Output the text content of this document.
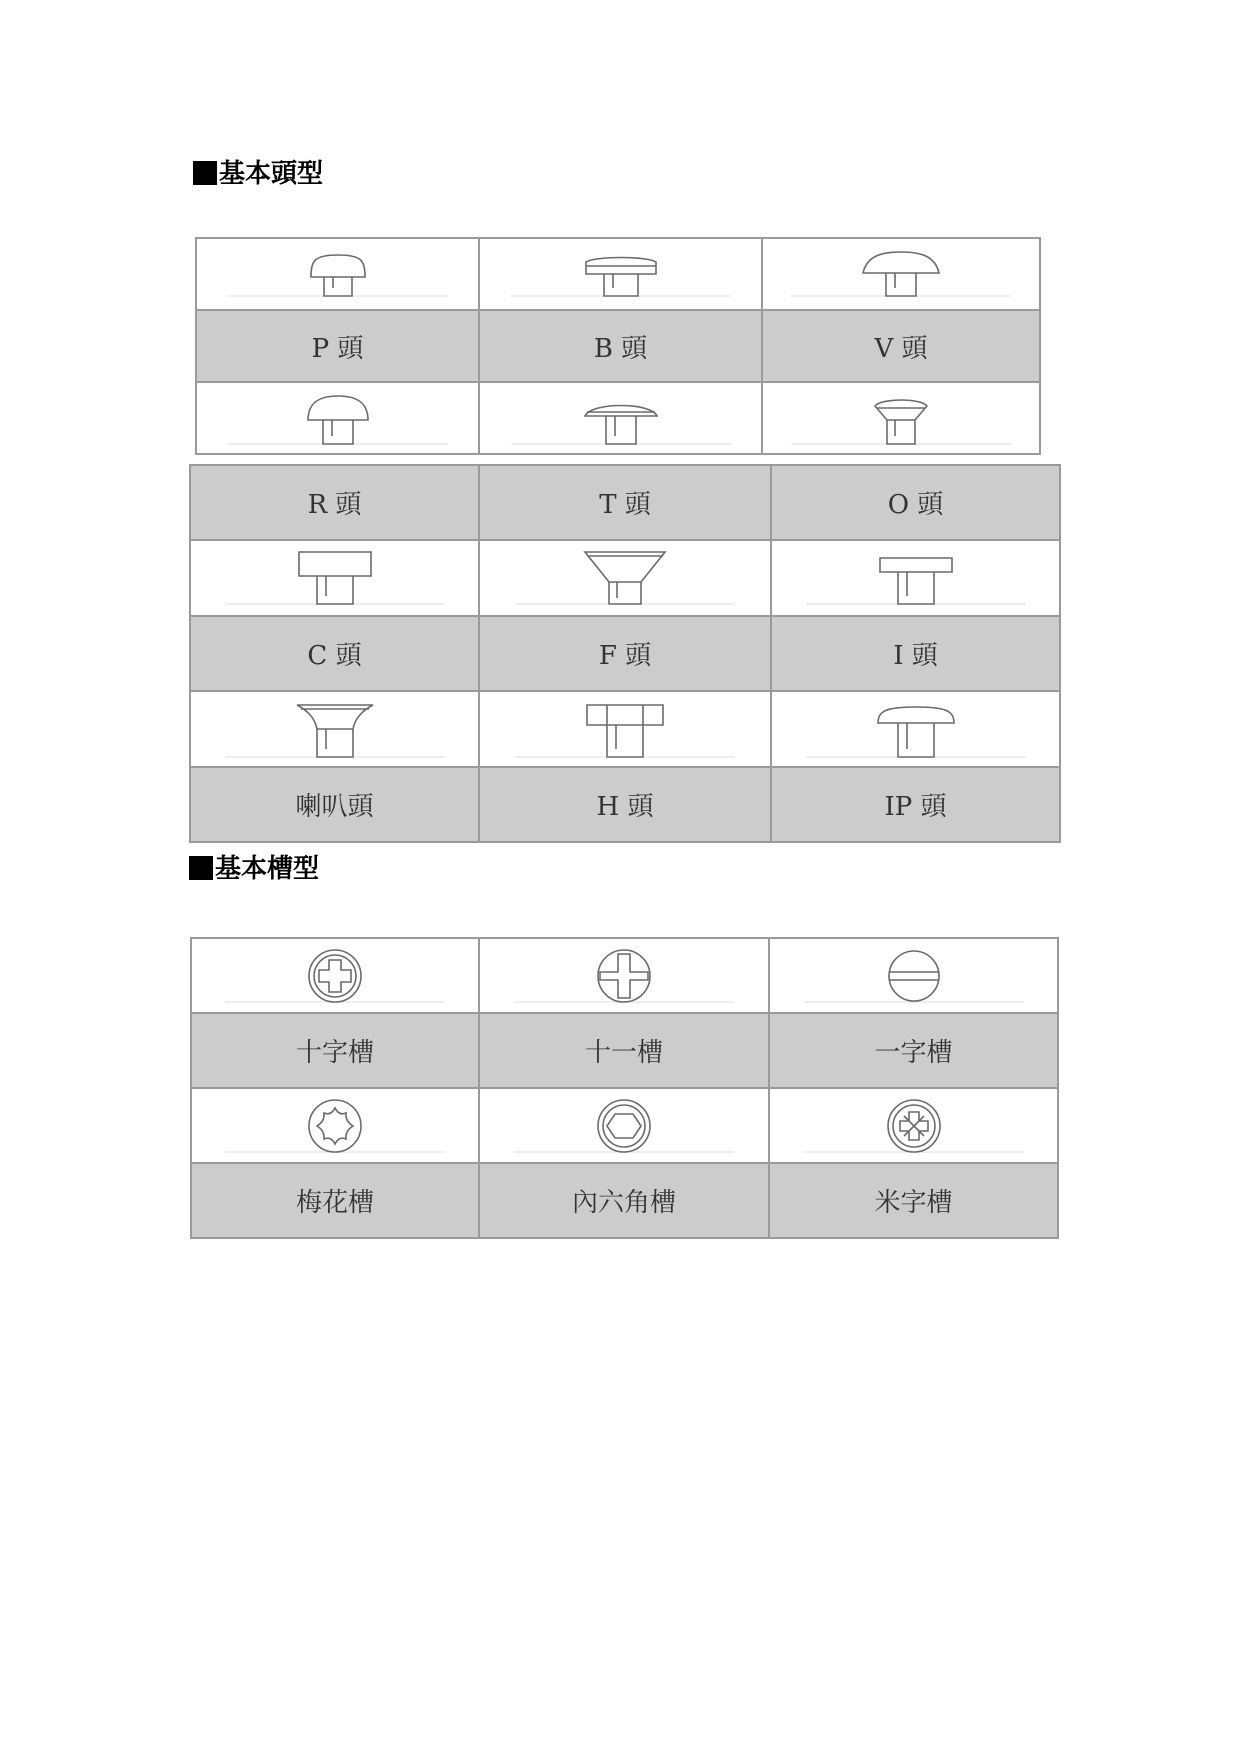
基本頭型

P 頭	B 頭	V 頭

R 頭	T 頭	O 頭

C 頭	F 頭	I 頭

喇叭頭	H 頭	IP 頭
基本槽型

十字槽	十一槽	一字槽

梅花槽	內六角槽	米字槽
